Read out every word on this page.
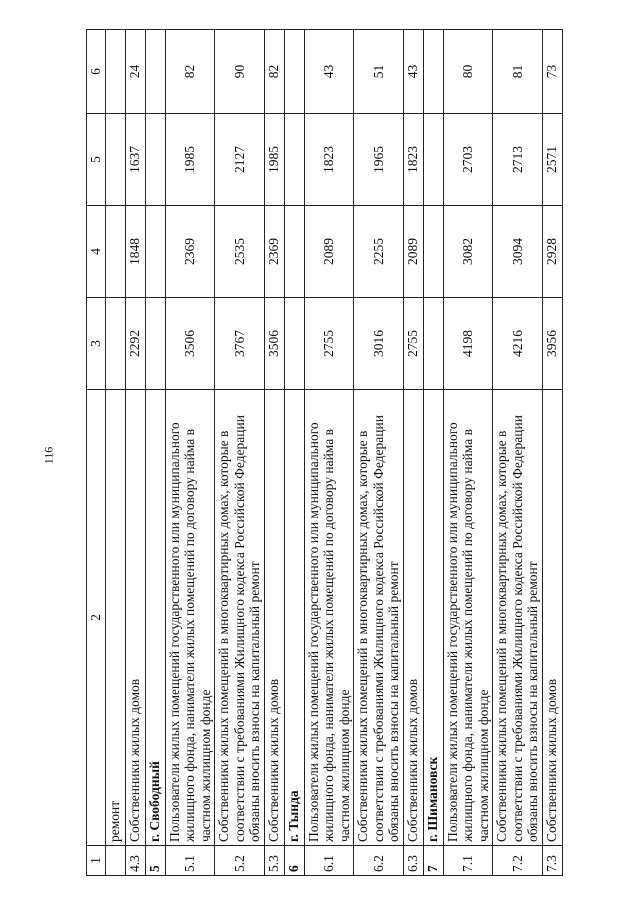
116
1	2	3	4	5	6
	ремонт				
4.3	Собственники жилых домов	2292	1848	1637	24
5	г. Свободный				
5.1	Пользователи жилых помещений государственного или муниципального жилищного фонда, наниматели жилых помещений по договору найма в частном жилищном фонде	3506	2369	1985	82
5.2	Собственники жилых помещений в многоквартирных домах, которые в соответствии с требованиями Жилищного кодекса Российской Федерации обязаны вносить взносы на капитальный ремонт	3767	2535	2127	90
5.3	Собственники жилых домов	3506	2369	1985	82
6	г. Тында				
6.1	Пользователи жилых помещений государственного или муниципального жилищного фонда, наниматели жилых помещений по договору найма в частном жилищном фонде	2755	2089	1823	43
6.2	Собственники жилых помещений в многоквартирных домах, которые в соответствии с требованиями Жилищного кодекса Российской Федерации обязаны вносить взносы на капитальный ремонт	3016	2255	1965	51
6.3	Собственники жилых домов	2755	2089	1823	43
7	г. Шимановск				
7.1	Пользователи жилых помещений государственного или муниципального жилищного фонда, наниматели жилых помещений по договору найма в частном жилищном фонде	4198	3082	2703	80
7.2	Собственники жилых помещений в многоквартирных домах, которые в соответствии с требованиями Жилищного кодекса Российской Федерации обязаны вносить взносы на капитальный ремонт	4216	3094	2713	81
7.3	Собственники жилых домов	3956	2928	2571	73
